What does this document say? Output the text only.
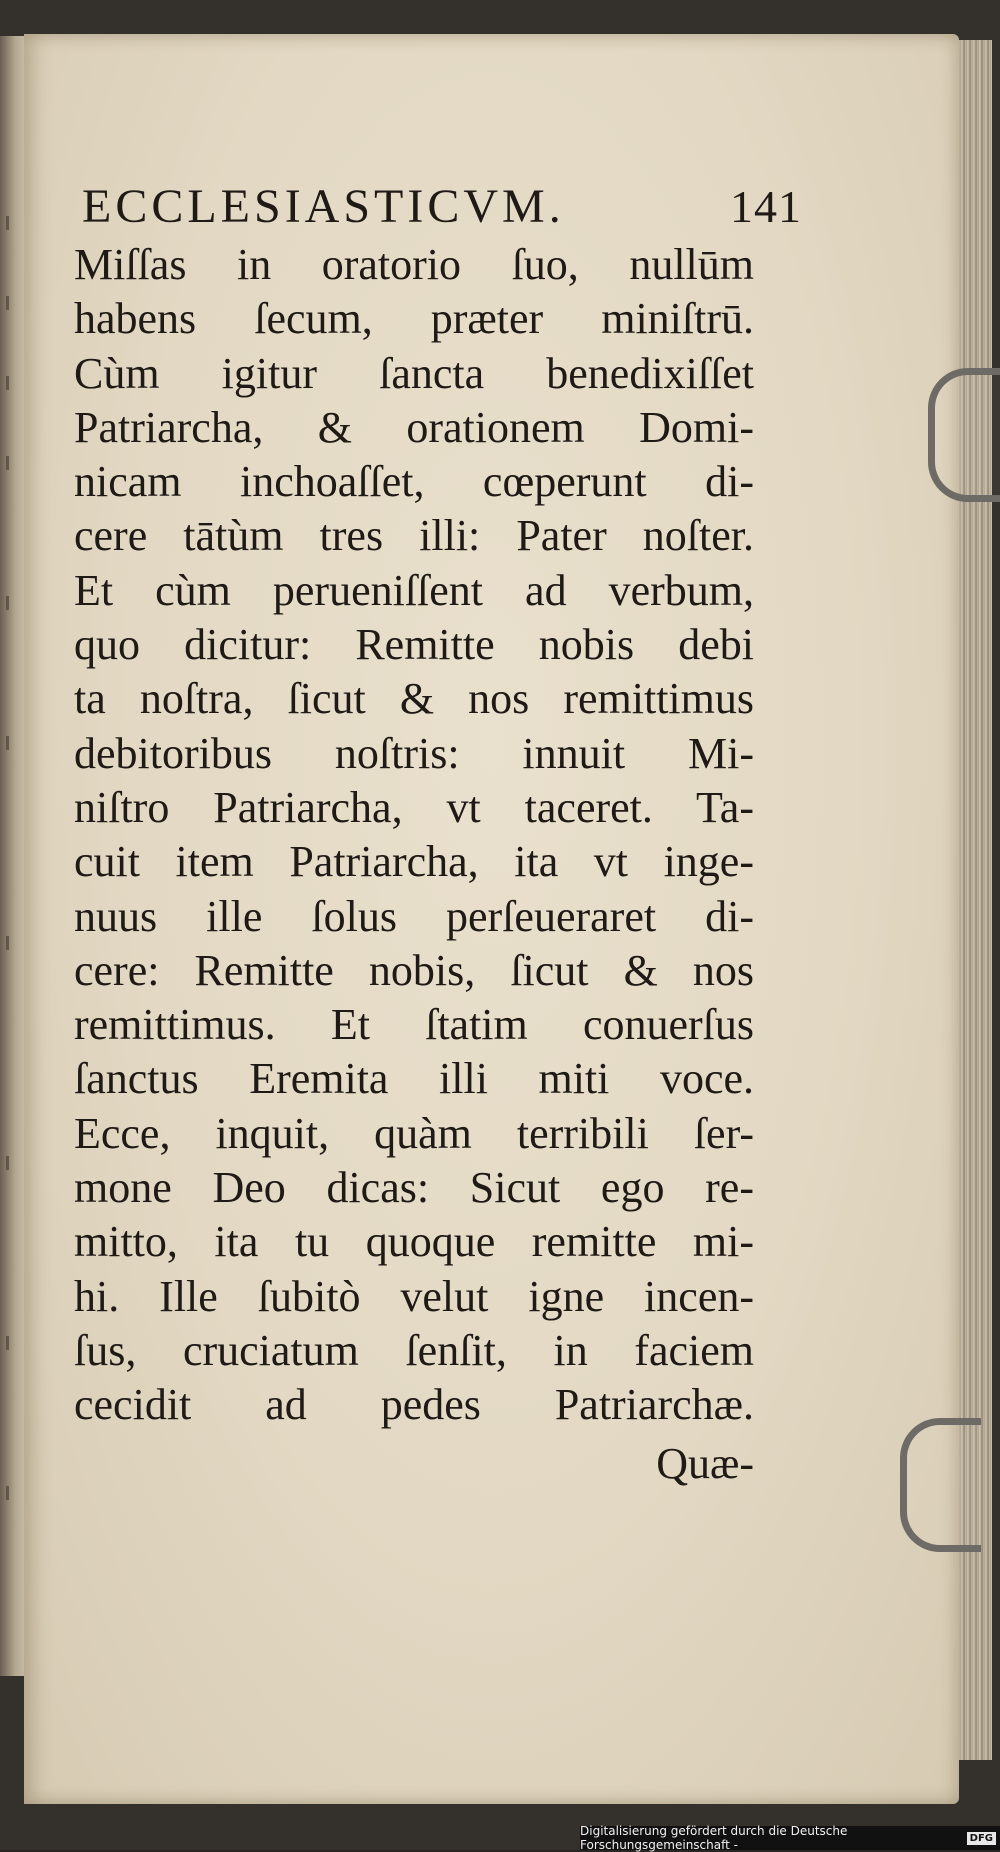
ECCLESIASTICVM.	141
Miſſas in oratorio ſuo, nullūm
habens ſecum, præter miniſtrū.
Cùm igitur ſancta benedixiſſet
Patriarcha, & orationem Domi-
nicam inchoaſſet, cœperunt di-
cere tātùm tres illi: Pater noſter.
Et cùm perueniſſent ad verbum,
quo dicitur: Remitte nobis debi
ta noſtra, ſicut & nos remittimus
debitoribus noſtris: innuit Mi-
niſtro Patriarcha, vt taceret. Ta-
cuit item Patriarcha, ita vt inge-
nuus ille ſolus perſeueraret di-
cere: Remitte nobis, ſicut & nos
remittimus. Et ſtatim conuerſus
ſanctus Eremita illi miti voce.
Ecce, inquit, quàm terribili ſer-
mone Deo dicas: Sicut ego re-
mitto, ita tu quoque remitte mi-
hi. Ille ſubitò velut igne incen-
ſus, cruciatum ſenſit, in faciem
cecidit ad pedes Patriarchæ.
Quæ-
Digitalisierung gefördert durch die Deutsche Forschungsgemeinschaft -	DFG
